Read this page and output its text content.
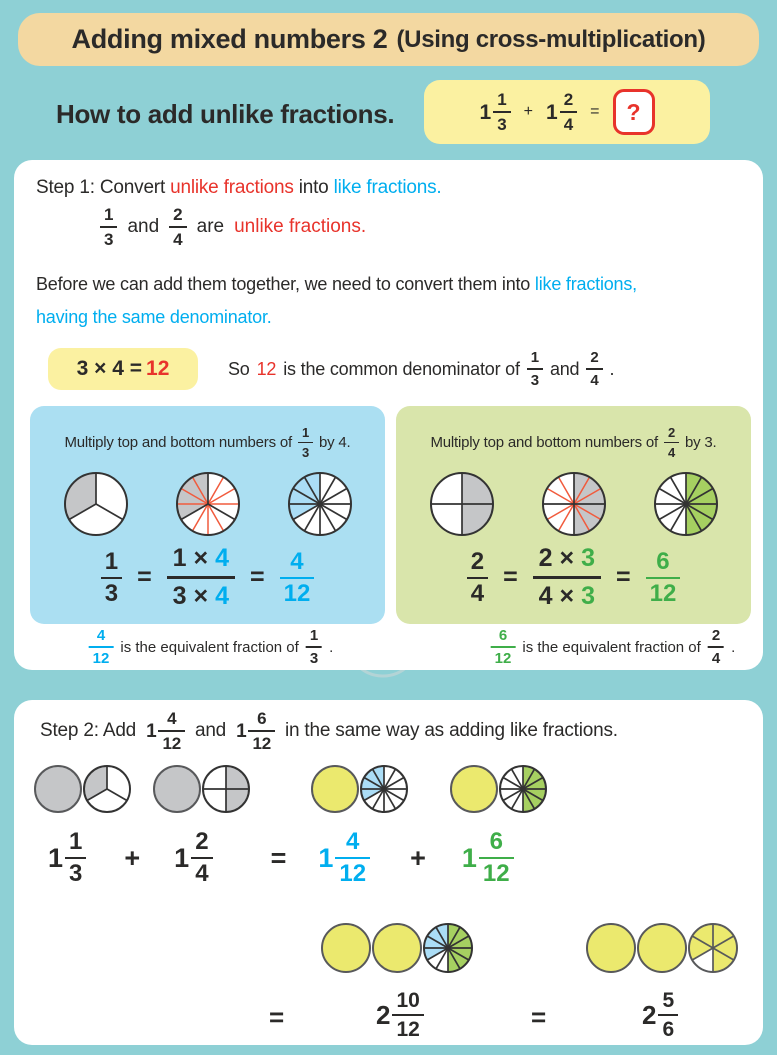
Adding mixed numbers 2 (Using cross-multiplication)
How to add unlike fractions.	1
1
3
+ 1
2
4
= ?

Step 1: Convert unlike fractions into like fractions.

1
3
and
2
4
are unlike fractions.
Before we can add them together, we need to convert them into like fractions,
having the same denominator.
3 × 4 = 12	So 12 is the common denominator of
1
3
and
2
4
.
Multiply top and bottom numbers of
1
3
by 4.
1
3
= $\frac{1 \times 4}{3 \times 4}$ =
4
12
Multiply top and bottom numbers of
2
4
by 3.
2
4
= $\frac{2 \times 3}{4 \times 3}$ =
6
12
4
12
is the equivalent fraction of
1
3
.
6
12
is the equivalent fraction of
2
4
.

Step 2: Add 1
4
12
and 1
6
12
in the same way as adding like fractions.

1
1
3
+ 1
2
4
= 1
4
12
+ 1
6
12
=	2 10
12	=	2 5
6
